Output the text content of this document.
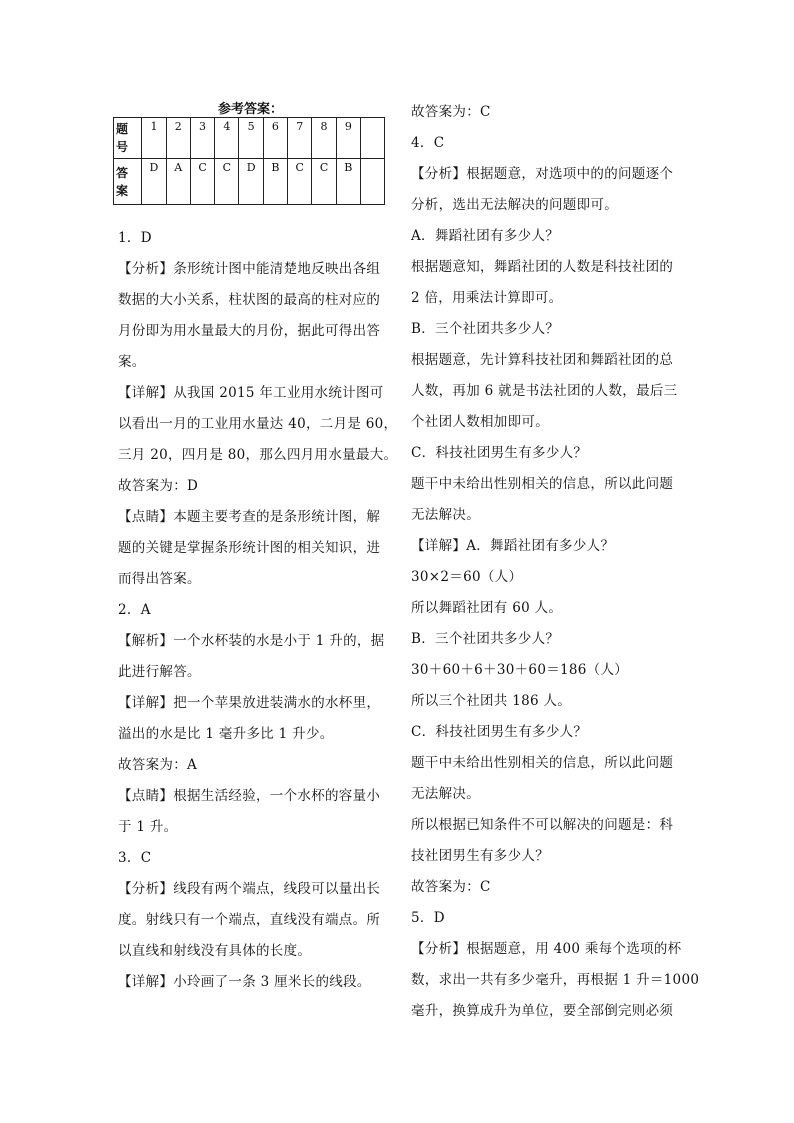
参考答案：
题号	1	2	3	4	5	6	7	8	9	
答案	D	A	C	C	D	B	C	C	B	
1．D
【分析】条形统计图中能清楚地反映出各组
数据的大小关系，柱状图的最高的柱对应的
月份即为用水量最大的月份，据此可得出答
案。
【详解】从我国 2015 年工业用水统计图可
以看出一月的工业用水量达 40，二月是 60，
三月 20，四月是 80，那么四月用水量最大。
故答案为：D
【点睛】本题主要考查的是条形统计图，解
题的关键是掌握条形统计图的相关知识，进
而得出答案。
2．A
【解析】一个水杯装的水是小于 1 升的，据
此进行解答。
【详解】把一个苹果放进装满水的水杯里，
溢出的水是比 1 毫升多比 1 升少。
故答案为：A
【点睛】根据生活经验，一个水杯的容量小
于 1 升。
3．C
【分析】线段有两个端点，线段可以量出长
度。射线只有一个端点，直线没有端点。所
以直线和射线没有具体的长度。
【详解】小玲画了一条 3 厘米长的线段。
故答案为：C
4．C
【分析】根据题意，对选项中的的问题逐个
分析，选出无法解决的问题即可。
A．舞蹈社团有多少人？
根据题意知，舞蹈社团的人数是科技社团的
2 倍，用乘法计算即可。
B．三个社团共多少人？
根据题意，先计算科技社团和舞蹈社团的总
人数，再加 6 就是书法社团的人数，最后三
个社团人数相加即可。
C．科技社团男生有多少人？
题干中未给出性别相关的信息，所以此问题
无法解决。
【详解】A．舞蹈社团有多少人？
30×2＝60（人）
所以舞蹈社团有 60 人。
B．三个社团共多少人？
30＋60＋6＋30＋60＝186（人）
所以三个社团共 186 人。
C．科技社团男生有多少人？
题干中未给出性别相关的信息，所以此问题
无法解决。
所以根据已知条件不可以解决的问题是：科
技社团男生有多少人？
故答案为：C
5．D
【分析】根据题意，用 400 乘每个选项的杯
数，求出一共有多少毫升，再根据 1 升＝1000
毫升，换算成升为单位，要全部倒完则必须
